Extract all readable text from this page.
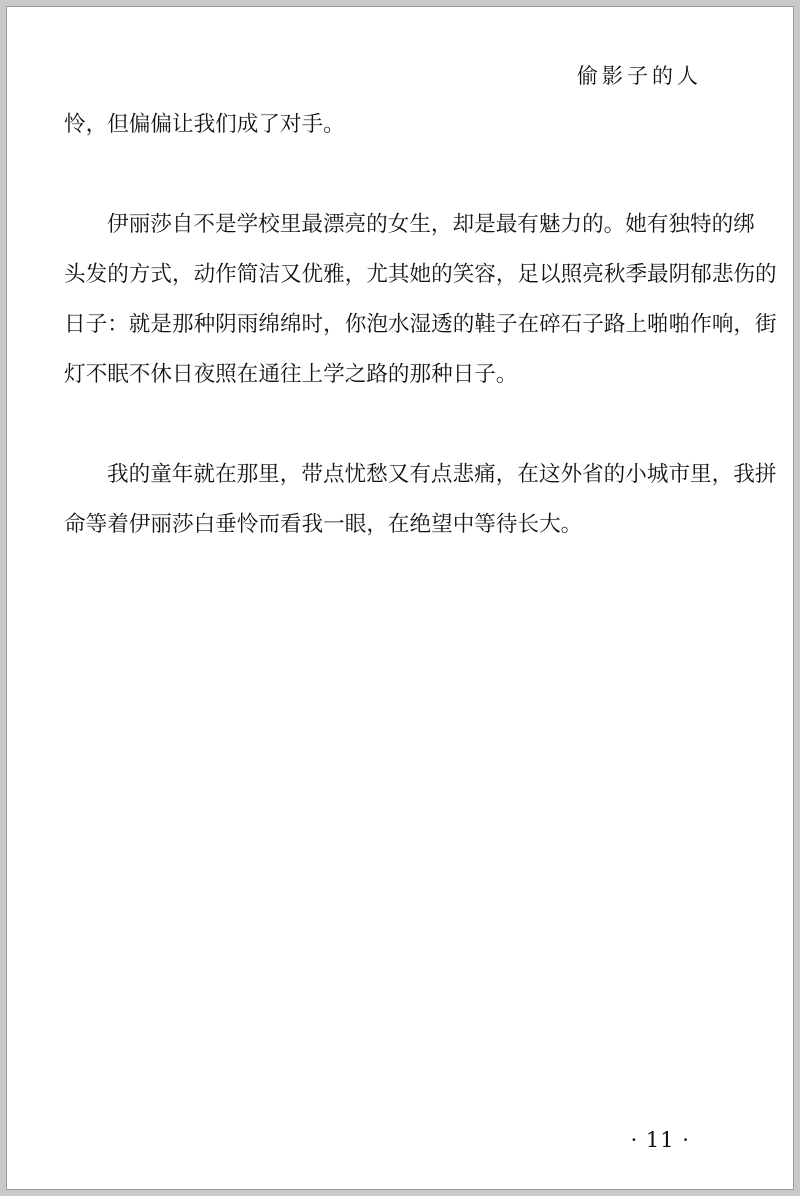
偷影子的人
怜，但偏偏让我们成了对手。
伊丽莎自不是学校里最漂亮的女生，却是最有魅力的。她有独特的绑
头发的方式，动作简洁又优雅，尤其她的笑容，足以照亮秋季最阴郁悲伤的
日子：就是那种阴雨绵绵时，你泡水湿透的鞋子在碎石子路上啪啪作响，街
灯不眠不休日夜照在通往上学之路的那种日子。
我的童年就在那里，带点忧愁又有点悲痛，在这外省的小城市里，我拼
命等着伊丽莎白垂怜而看我一眼，在绝望中等待长大。
· 11 ·
